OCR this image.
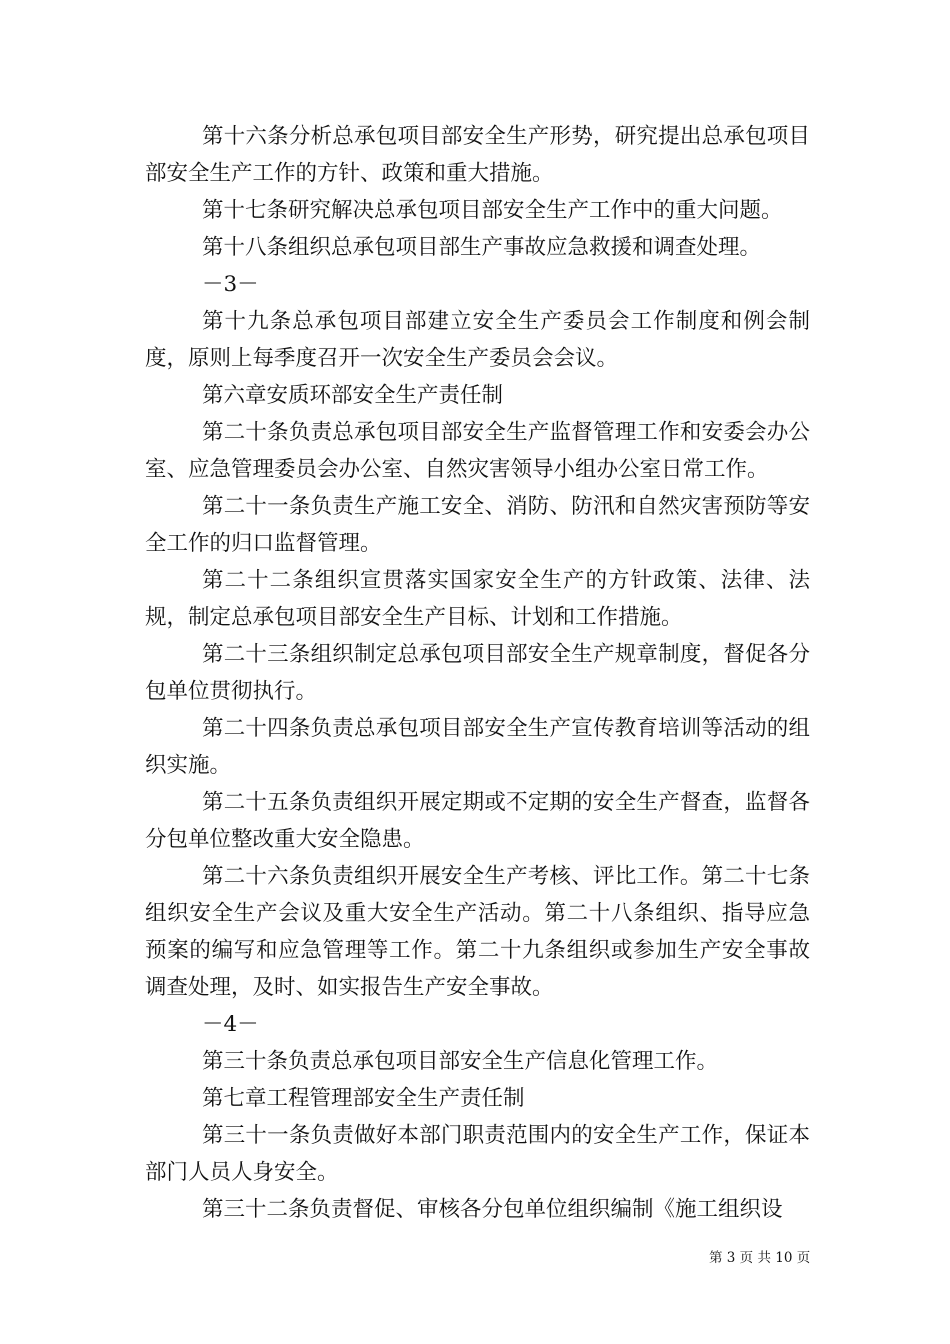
第十六条分析总承包项目部安全生产形势，研究提出总承包项目部安全生产工作的方针、政策和重大措施。

第十七条研究解决总承包项目部安全生产工作中的重大问题。

第十八条组织总承包项目部生产事故应急救援和调查处理。

－3－

第十九条总承包项目部建立安全生产委员会工作制度和例会制度，原则上每季度召开一次安全生产委员会会议。

第六章安质环部安全生产责任制

第二十条负责总承包项目部安全生产监督管理工作和安委会办公室、应急管理委员会办公室、自然灾害领导小组办公室日常工作。

第二十一条负责生产施工安全、消防、防汛和自然灾害预防等安全工作的归口监督管理。

第二十二条组织宣贯落实国家安全生产的方针政策、法律、法规，制定总承包项目部安全生产目标、计划和工作措施。

第二十三条组织制定总承包项目部安全生产规章制度，督促各分包单位贯彻执行。

第二十四条负责总承包项目部安全生产宣传教育培训等活动的组织实施。

第二十五条负责组织开展定期或不定期的安全生产督查，监督各分包单位整改重大安全隐患。

第二十六条负责组织开展安全生产考核、评比工作。第二十七条组织安全生产会议及重大安全生产活动。第二十八条组织、指导应急预案的编写和应急管理等工作。第二十九条组织或参加生产安全事故调查处理，及时、如实报告生产安全事故。

－4－

第三十条负责总承包项目部安全生产信息化管理工作。

第七章工程管理部安全生产责任制

第三十一条负责做好本部门职责范围内的安全生产工作，保证本部门人员人身安全。

第三十二条负责督促、审核各分包单位组织编制《施工组织设

第 3 页 共 10 页
